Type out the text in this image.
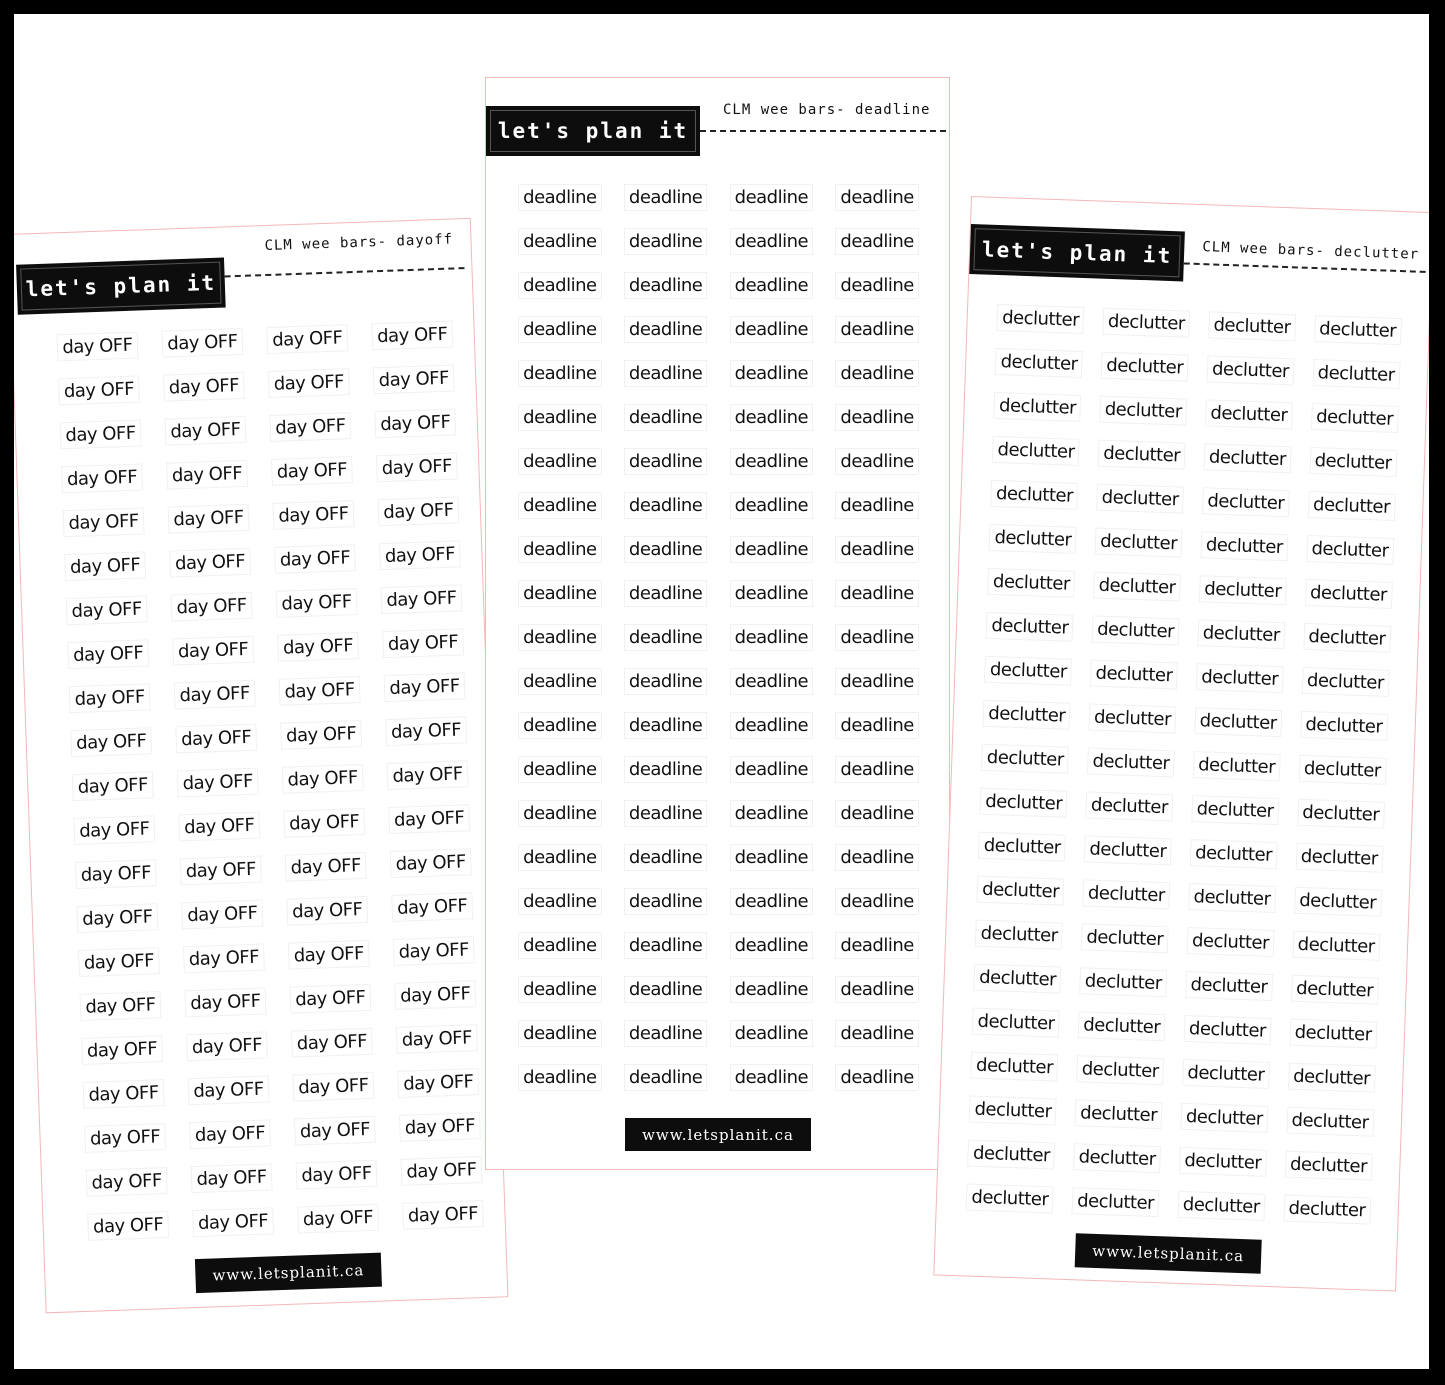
let's plan it
CLM wee bars- dayoff
day OFF day OFF day OFF day OFF
day OFF day OFF day OFF day OFF
day OFF day OFF day OFF day OFF
day OFF day OFF day OFF day OFF
day OFF day OFF day OFF day OFF
day OFF day OFF day OFF day OFF
day OFF day OFF day OFF day OFF
day OFF day OFF day OFF day OFF
day OFF day OFF day OFF day OFF
day OFF day OFF day OFF day OFF
day OFF day OFF day OFF day OFF
day OFF day OFF day OFF day OFF
day OFF day OFF day OFF day OFF
day OFF day OFF day OFF day OFF
day OFF day OFF day OFF day OFF
day OFF day OFF day OFF day OFF
day OFF day OFF day OFF day OFF
day OFF day OFF day OFF day OFF
day OFF day OFF day OFF day OFF
day OFF day OFF day OFF day OFF
day OFF day OFF day OFF day OFF
www.letsplanit.ca
let's plan it
CLM wee bars- deadline
deadline deadline deadline deadline
deadline deadline deadline deadline
deadline deadline deadline deadline
deadline deadline deadline deadline
deadline deadline deadline deadline
deadline deadline deadline deadline
deadline deadline deadline deadline
deadline deadline deadline deadline
deadline deadline deadline deadline
deadline deadline deadline deadline
deadline deadline deadline deadline
deadline deadline deadline deadline
deadline deadline deadline deadline
deadline deadline deadline deadline
deadline deadline deadline deadline
deadline deadline deadline deadline
deadline deadline deadline deadline
deadline deadline deadline deadline
deadline deadline deadline deadline
deadline deadline deadline deadline
deadline deadline deadline deadline
www.letsplanit.ca
let's plan it	CLM wee bars- declutter
declutter declutter declutter declutter
declutter declutter declutter declutter
declutter declutter declutter declutter
declutter declutter declutter declutter
declutter declutter declutter declutter
declutter declutter declutter declutter
declutter declutter declutter declutter
declutter declutter declutter declutter
declutter declutter declutter declutter
declutter declutter declutter declutter
declutter declutter declutter declutter
declutter declutter declutter declutter
declutter declutter declutter declutter
declutter declutter declutter declutter
declutter declutter declutter declutter
declutter declutter declutter declutter
declutter declutter declutter declutter
declutter declutter declutter declutter
declutter declutter declutter declutter
declutter declutter declutter declutter
declutter declutter declutter declutter
www.letsplanit.ca
